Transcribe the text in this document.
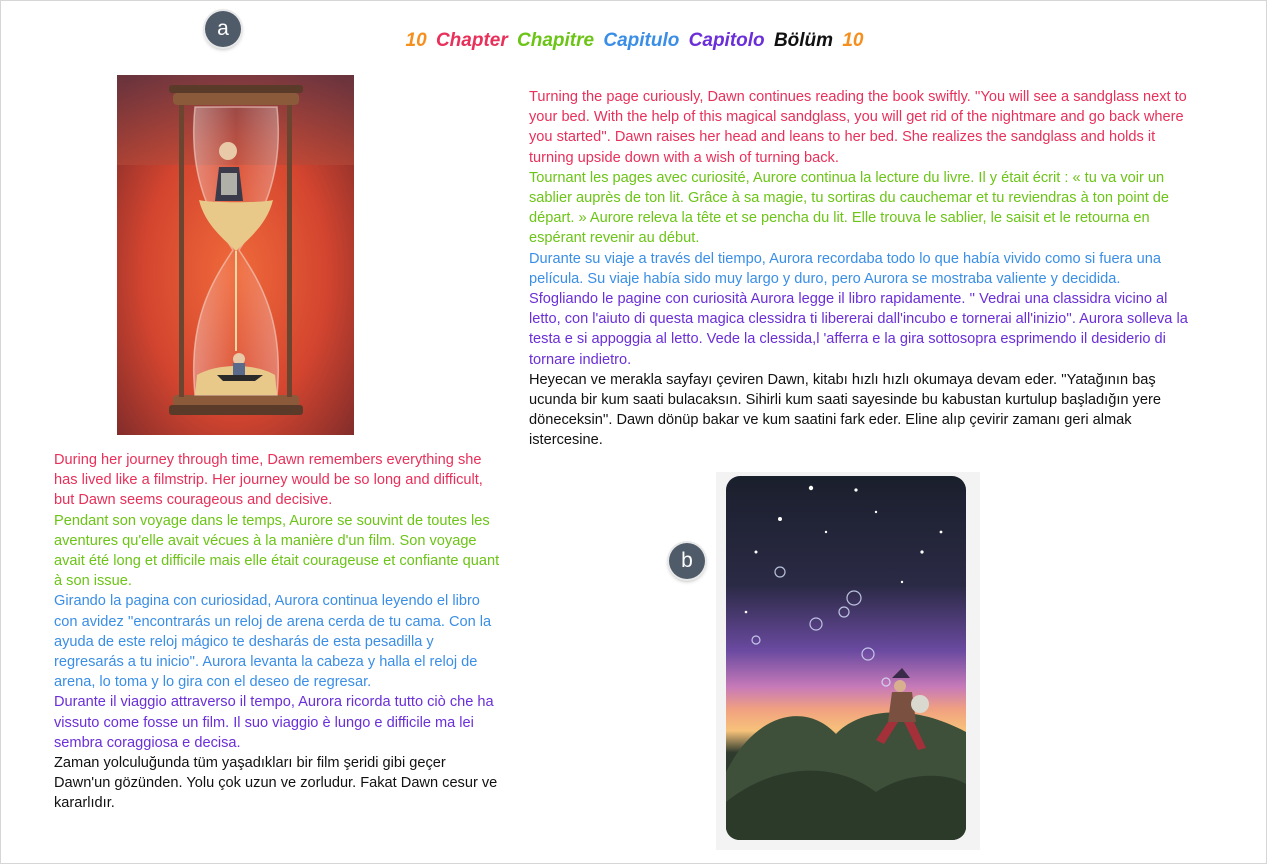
10 Chapter Chapitre Capitulo Capitolo Bölüm 10
a
b

During her journey through time, Dawn remembers everything she has lived like a filmstrip. Her journey would be so long and difficult, but Dawn seems courageous and decisive.

Pendant son voyage dans le temps, Aurore se souvint de toutes les aventures qu'elle avait vécues à la manière d'un film. Son voyage avait été long et difficile mais elle était courageuse et confiante quant à son issue.

Girando la pagina con curiosidad, Aurora continua leyendo el libro con avidez ''encontrarás un reloj de arena cerda de tu cama. Con la ayuda de este reloj mágico te desharás de esta pesadilla y regresarás a tu inicio''. Aurora levanta la cabeza y halla el reloj de arena, lo toma y lo gira con el deseo de regresar.

Durante il viaggio attraverso il tempo, Aurora ricorda tutto ciò che ha vissuto come fosse un film. Il suo viaggio è lungo e difficile ma lei sembra coraggiosa e decisa.

Zaman yolculuğunda tüm yaşadıkları bir film şeridi gibi geçer Dawn'un gözünden. Yolu çok uzun ve zorludur. Fakat Dawn cesur ve kararlıdır.

Turning the page curiously, Dawn continues reading the book swiftly. ''You will see a sandglass next to your bed. With the help of this magical sandglass, you will get rid of the nightmare and go back where you started''. Dawn raises her head and leans to her bed. She realizes the sandglass and holds it turning upside down with a wish of turning back.

Tournant les pages avec curiosité, Aurore continua la lecture du livre. Il y était écrit : « tu va voir un sablier auprès de ton lit. Grâce à sa magie, tu sortiras du cauchemar et tu reviendras à ton point de départ. » Aurore releva la tête et se pencha du lit. Elle trouva le sablier, le saisit et le retourna en espérant revenir au début.

Durante su viaje a través del tiempo, Aurora recordaba todo lo que había vivido como si fuera una película. Su viaje había sido muy largo y duro, pero Aurora se mostraba valiente y decidida.

Sfogliando le pagine con curiosità Aurora legge il libro rapidamente. '' Vedrai una classidra vicino al letto, con l'aiuto di questa magica clessidra ti libererai dall'incubo e tornerai all'inizio''. Aurora solleva la testa e si appoggia al letto. Vede la clessida,l 'afferra e la gira sottosopra esprimendo il desiderio di tornare indietro.

Heyecan ve merakla sayfayı çeviren Dawn, kitabı hızlı hızlı okumaya devam eder. ''Yatağının baş ucunda bir kum saati bulacaksın. Sihirli kum saati sayesinde bu kabustan kurtulup başladığın yere döneceksin''. Dawn dönüp bakar ve kum saatini fark eder. Eline alıp çevirir zamanı geri almak istercesine.
